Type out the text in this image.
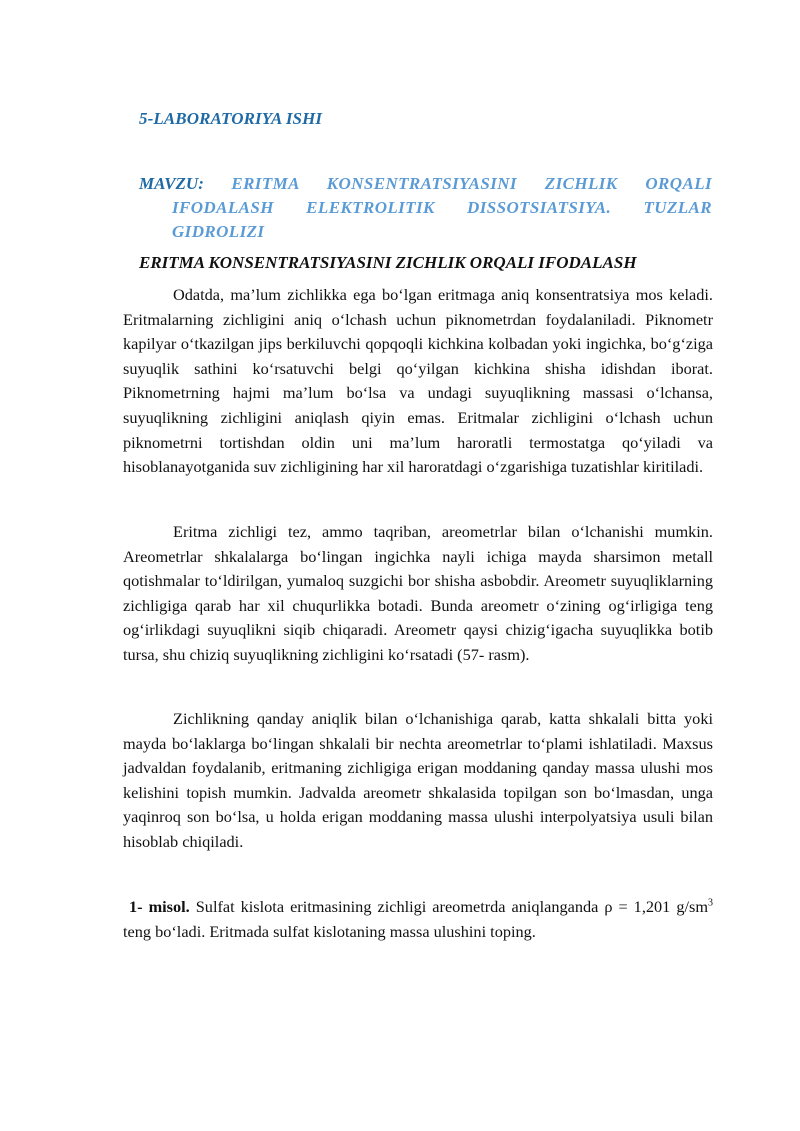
5-LABORATORIYA ISHI
MAVZU: ERITMA KONSENTRATSIYASINI ZICHLIK ORQALI
IFODALASH ELEKTROLITIK DISSOTSIATSIYA. TUZLAR
GIDROLIZI
ERITMA KONSENTRATSIYASINI ZICHLIK ORQALI IFODALASH

Odatda, ma’lum zichlikka ega bo‘lgan eritmaga aniq konsentratsiya mos keladi. Eritmalarning zichligini aniq o‘lchash uchun piknometrdan foydalaniladi. Piknometr kapilyar o‘tkazilgan jips berkiluvchi qopqoqli kichkina kolbadan yoki ingichka, bo‘g‘ziga suyuqlik sathini ko‘rsatuvchi belgi qo‘yilgan kichkina shisha idishdan iborat. Piknometrning hajmi ma’lum bo‘lsa va undagi suyuqlikning massasi o‘lchansa, suyuqlikning zichligini aniqlash qiyin emas. Eritmalar zichligini o‘lchash uchun piknometrni tortishdan oldin uni ma’lum haroratli termostatga qo‘yiladi va hisoblanayotganida suv zichligining har xil haroratdagi o‘zgarishiga tuzatishlar kiritiladi.

Eritma zichligi tez, ammo taqriban, areometrlar bilan o‘lchanishi mumkin. Areometrlar shkalalarga bo‘lingan ingichka nayli ichiga mayda sharsimon metall qotishmalar to‘ldirilgan, yumaloq suzgichi bor shisha asbobdir. Areometr suyuqliklarning zichligiga qarab har xil chuqurlikka botadi. Bunda areometr o‘zining og‘irligiga teng og‘irlikdagi suyuqlikni siqib chiqaradi. Areometr qaysi chizig‘igacha suyuqlikka botib tursa, shu chiziq suyuqlikning zichligini ko‘rsatadi (57- rasm).

Zichlikning qanday aniqlik bilan o‘lchanishiga qarab, katta shkalali bitta yoki mayda bo‘laklarga bo‘lingan shkalali bir nechta areometrlar to‘plami ishlatiladi. Maxsus jadvaldan foydalanib, eritmaning zichligiga erigan moddaning qanday massa ulushi mos kelishini topish mumkin. Jadvalda areometr shkalasida topilgan son bo‘lmasdan, unga yaqinroq son bo‘lsa, u holda erigan moddaning massa ulushi interpolyatsiya usuli bilan hisoblab chiqiladi.

1- misol. Sulfat kislota eritmasining zichligi areometrda aniqlanganda ρ = 1,201 $g/sm^3$ teng bo‘ladi. Eritmada sulfat kislotaning massa ulushini toping.
